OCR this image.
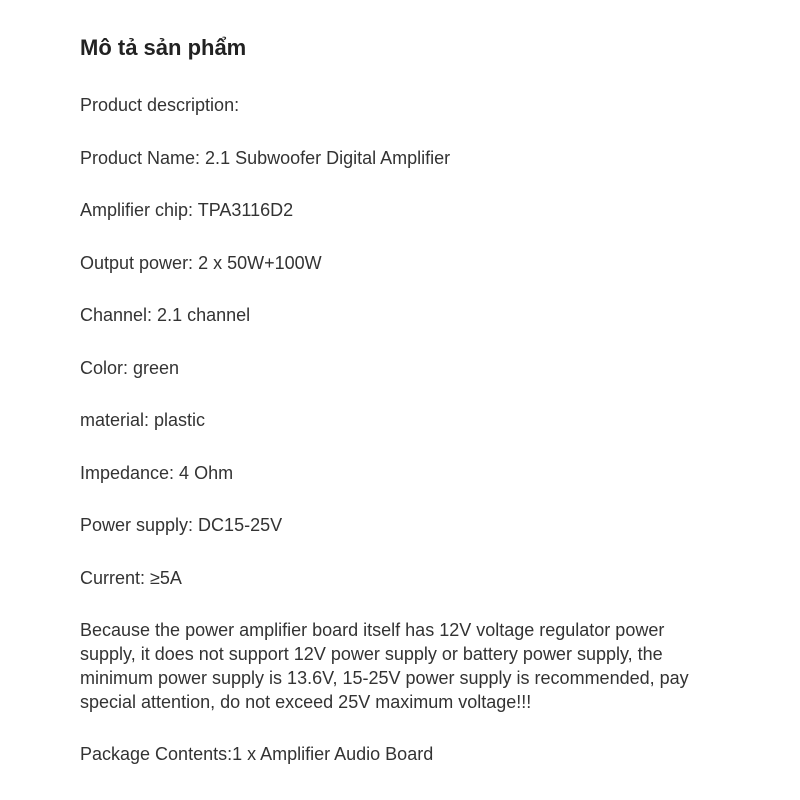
Mô tả sản phẩm
Product description:
Product Name: 2.1 Subwoofer Digital Amplifier
Amplifier chip: TPA3116D2
Output power: 2 x 50W+100W
Channel: 2.1 channel
Color: green
material: plastic
Impedance: 4 Ohm
Power supply: DC15-25V
Current: ≥5A
Because the power amplifier board itself has 12V voltage regulator power supply, it does not support 12V power supply or battery power supply, the minimum power supply is 13.6V, 15-25V power supply is recommended, pay special attention, do not exceed 25V maximum voltage!!!
Package Contents:1 x Amplifier Audio Board
